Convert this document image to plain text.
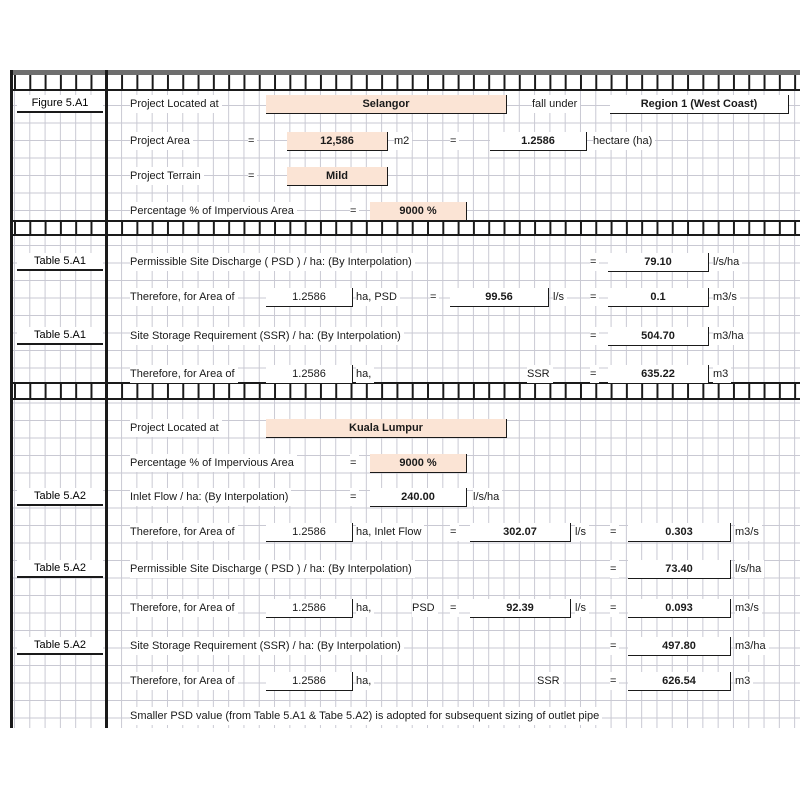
Figure 5.A1	Project Located at	Selangor	fall under	Region 1 (West Coast)
Project Area	=	12,586	m2	=	1.2586	hectare (ha)
Project Terrain	=	Mild
Percentage % of Impervious Area	=	9000 %
Table 5.A1	Permissible Site Discharge ( PSD ) / ha: (By Interpolation)	=	79.10	l/s/ha
Therefore, for Area of	1.2586	ha, PSD	=	99.56	l/s =	0.1	m3/s
Table 5.A1	Site Storage Requirement (SSR) / ha: (By Interpolation)	=	504.70	m3/ha
Therefore, for Area of	1.2586	ha,	SSR	=	635.22	m3
Project Located at	Kuala Lumpur
Percentage % of Impervious Area	=	9000 %
Table 5.A2	Inlet Flow / ha: (By Interpolation)	=	240.00	l/s/ha
Therefore, for Area of	1.2586	ha, Inlet Flow	=	302.07	l/s =	0.303	m3/s
Table 5.A2	Permissible Site Discharge ( PSD ) / ha: (By Interpolation)	=	73.40	l/s/ha
Therefore, for Area of	1.2586	ha,	PSD =	92.39	l/s =	0.093	m3/s
Table 5.A2	Site Storage Requirement (SSR) / ha: (By Interpolation)	=	497.80	m3/ha
Therefore, for Area of	1.2586	ha,	SSR	=	626.54	m3
Smaller PSD value (from Table 5.A1 & Tabe 5.A2) is adopted for subsequent sizing of outlet pipe
